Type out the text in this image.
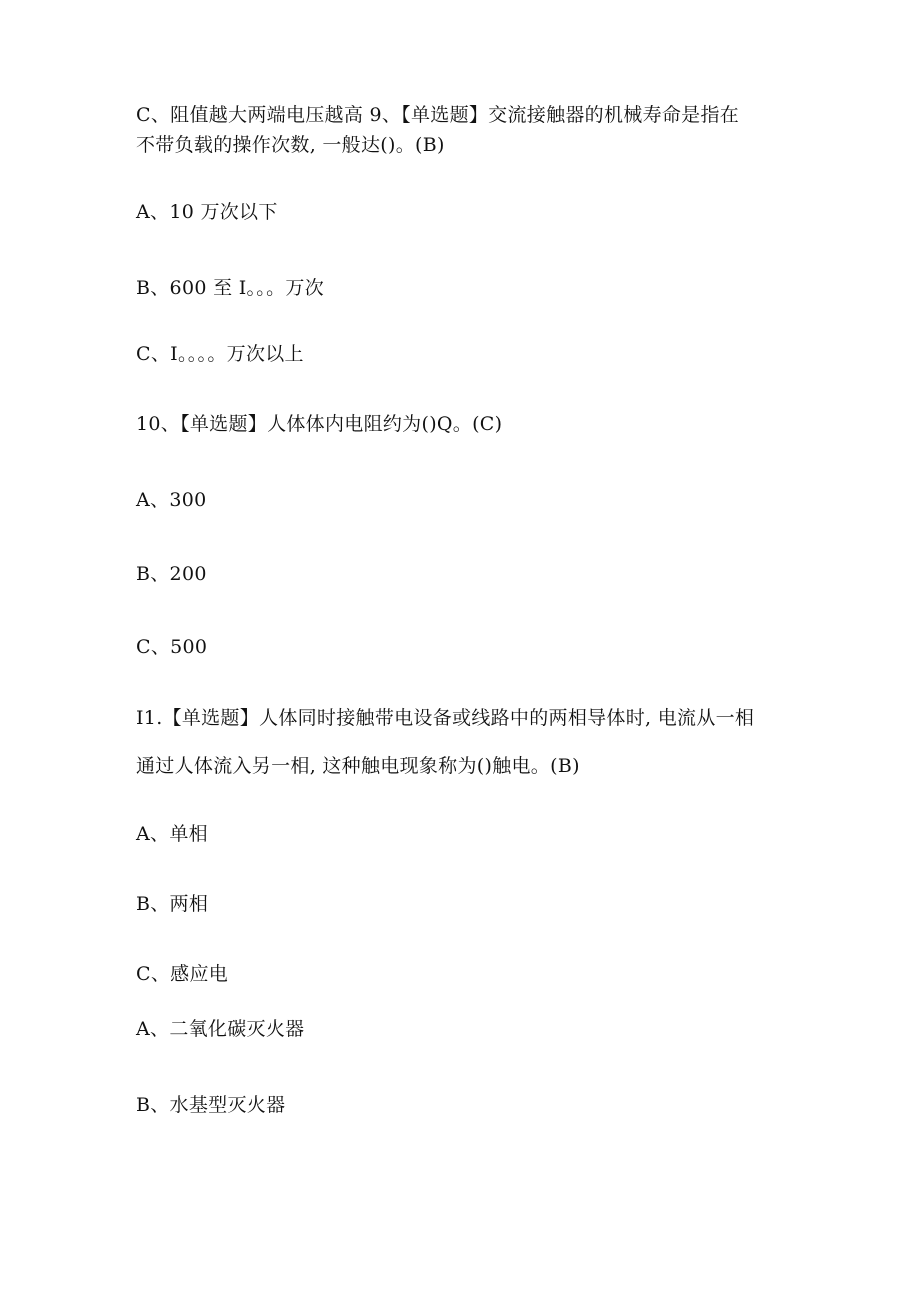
C、阻值越大两端电压越高 9、【单选题】交流接触器的机械寿命是指在
不带负载的操作次数, 一般达()。(B)
A、10 万次以下
B、600 至 I。。。万次
C、I。。。。万次以上
10、【单选题】人体体内电阻约为()Q。(C)
A、300
B、200
C、500
I1.【单选题】人体同时接触带电设备或线路中的两相导体时, 电流从一相
通过人体流入另一相, 这种触电现象称为()触电。(B)
A、单相
B、两相
C、感应电
A、二氧化碳灭火器
B、水基型灭火器
